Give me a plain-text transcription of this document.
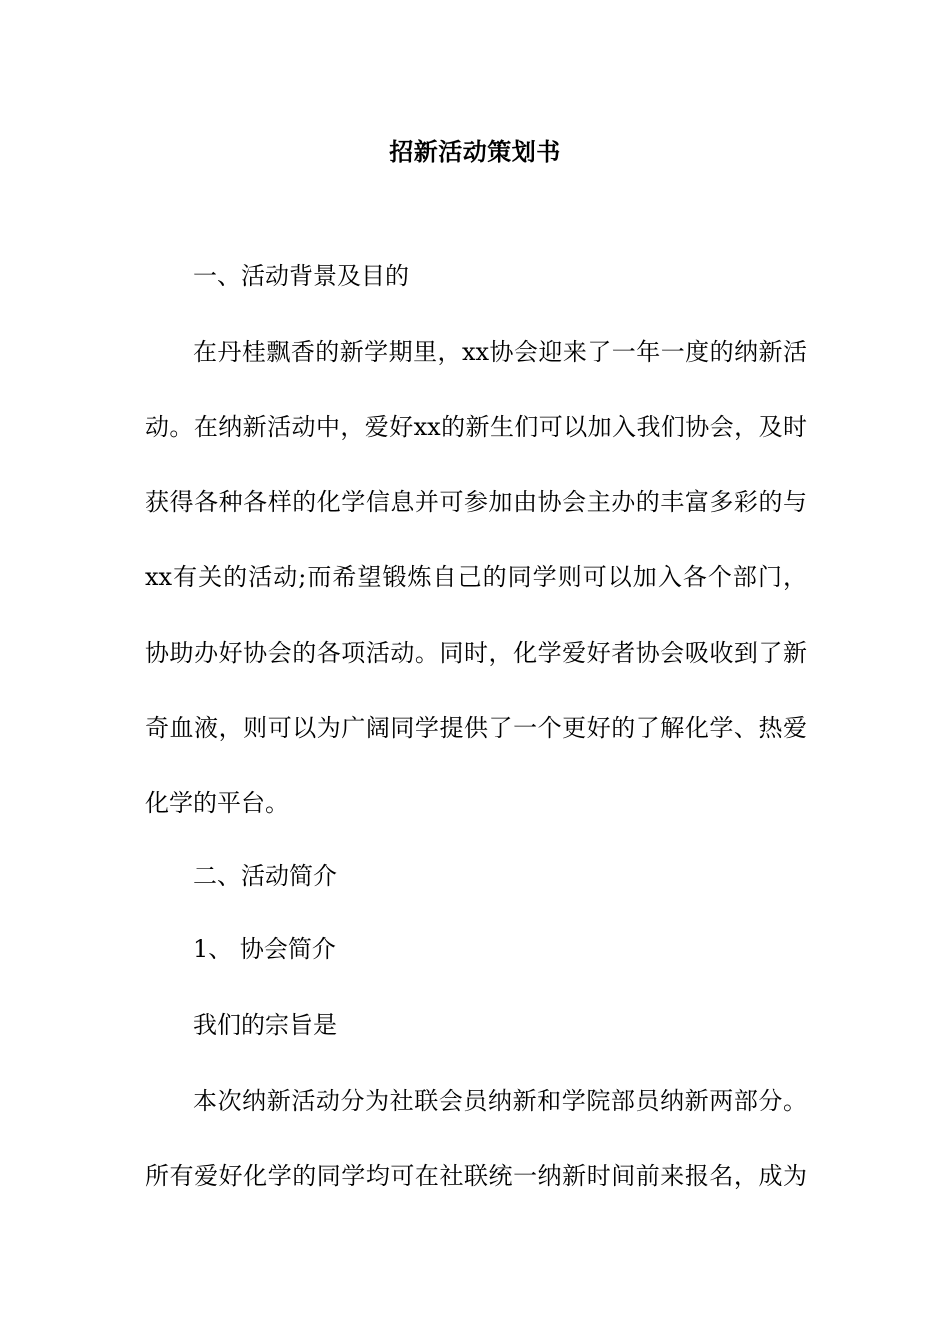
招新活动策划书
一、活动背景及目的
在丹桂飘香的新学期里，xx协会迎来了一年一度的纳新活
动。在纳新活动中，爱好xx的新生们可以加入我们协会，及时
获得各种各样的化学信息并可参加由协会主办的丰富多彩的与
xx有关的活动;而希望锻炼自己的同学则可以加入各个部门，
协助办好协会的各项活动。同时，化学爱好者协会吸收到了新
奇血液，则可以为广阔同学提供了一个更好的了解化学、热爱
化学的平台。
二、活动简介
1、 协会简介
我们的宗旨是
本次纳新活动分为社联会员纳新和学院部员纳新两部分。
所有爱好化学的同学均可在社联统一纳新时间前来报名，成为
